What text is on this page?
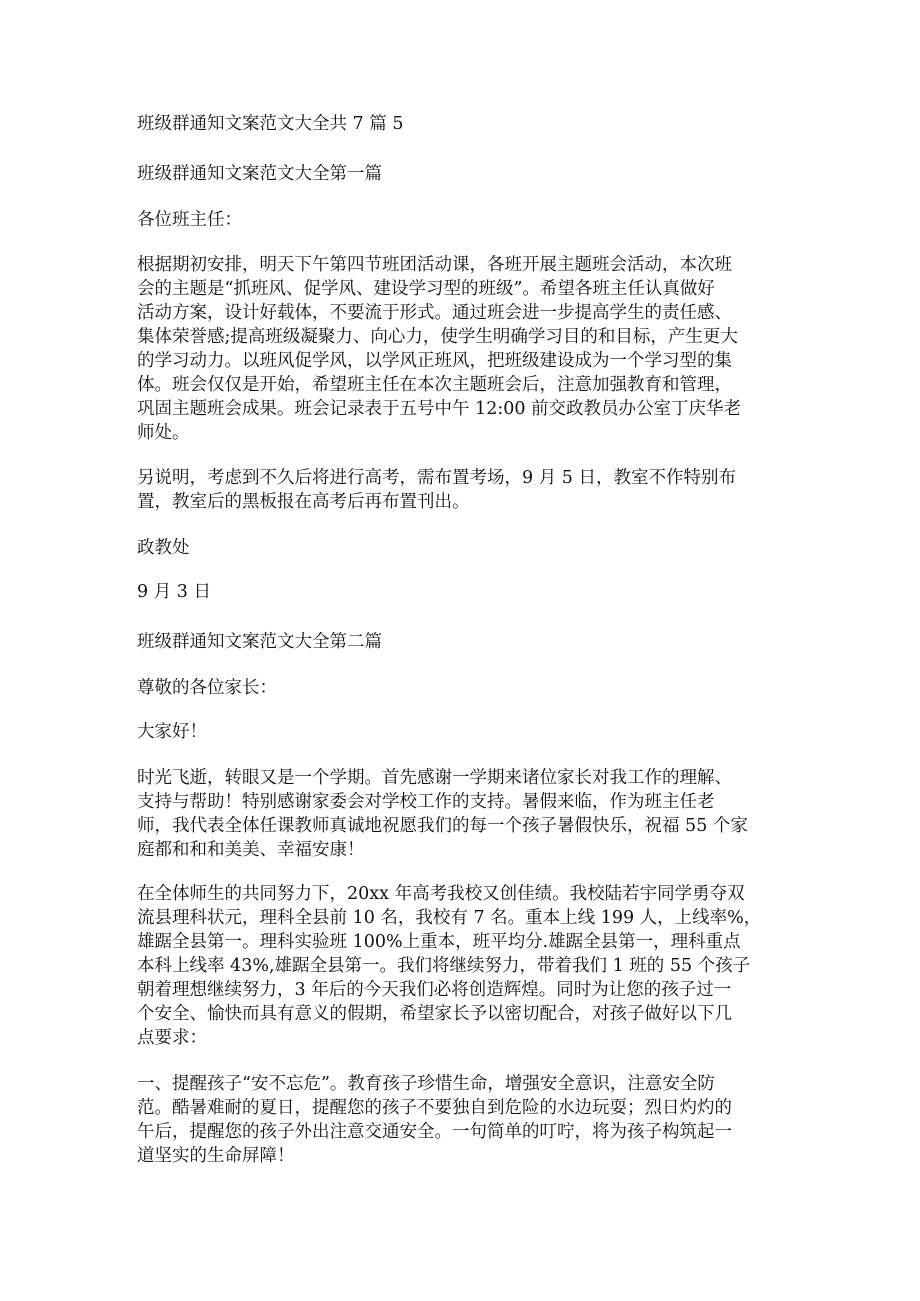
班级群通知文案范文大全共 7 篇 5

班级群通知文案范文大全第一篇

各位班主任：

根据期初安排，明天下午第四节班团活动课，各班开展主题班会活动，本次班

会的主题是“抓班风、促学风、建设学习型的班级”。希望各班主任认真做好

活动方案，设计好载体，不要流于形式。通过班会进一步提高学生的责任感、

集体荣誉感;提高班级凝聚力、向心力，使学生明确学习目的和目标，产生更大

的学习动力。以班风促学风，以学风正班风，把班级建设成为一个学习型的集

体。班会仅仅是开始，希望班主任在本次主题班会后，注意加强教育和管理，

巩固主题班会成果。班会记录表于五号中午 12:00 前交政教员办公室丁庆华老

师处。

另说明，考虑到不久后将进行高考，需布置考场，9 月 5 日，教室不作特别布

置，教室后的黑板报在高考后再布置刊出。

政教处

9 月 3 日

班级群通知文案范文大全第二篇

尊敬的各位家长：

大家好！

时光飞逝，转眼又是一个学期。首先感谢一学期来诸位家长对我工作的理解、

支持与帮助！特别感谢家委会对学校工作的支持。暑假来临，作为班主任老

师，我代表全体任课教师真诚地祝愿我们的每一个孩子暑假快乐，祝福 55 个家

庭都和和和美美、幸福安康！

在全体师生的共同努力下，20xx 年高考我校又创佳绩。我校陆若宇同学勇夺双

流县理科状元，理科全县前 10 名，我校有 7 名。重本上线 199 人，上线率%，

雄踞全县第一。理科实验班 100%上重本，班平均分.雄踞全县第一，理科重点

本科上线率 43%,雄踞全县第一。我们将继续努力，带着我们 1 班的 55 个孩子

朝着理想继续努力，3 年后的今天我们必将创造辉煌。同时为让您的孩子过一

个安全、愉快而具有意义的假期，希望家长予以密切配合，对孩子做好以下几

点要求：

一、提醒孩子“安不忘危”。教育孩子珍惜生命，增强安全意识，注意安全防

范。酷暑难耐的夏日，提醒您的孩子不要独自到危险的水边玩耍；烈日灼灼的

午后，提醒您的孩子外出注意交通安全。一句简单的叮咛，将为孩子构筑起一

道坚实的生命屏障！
